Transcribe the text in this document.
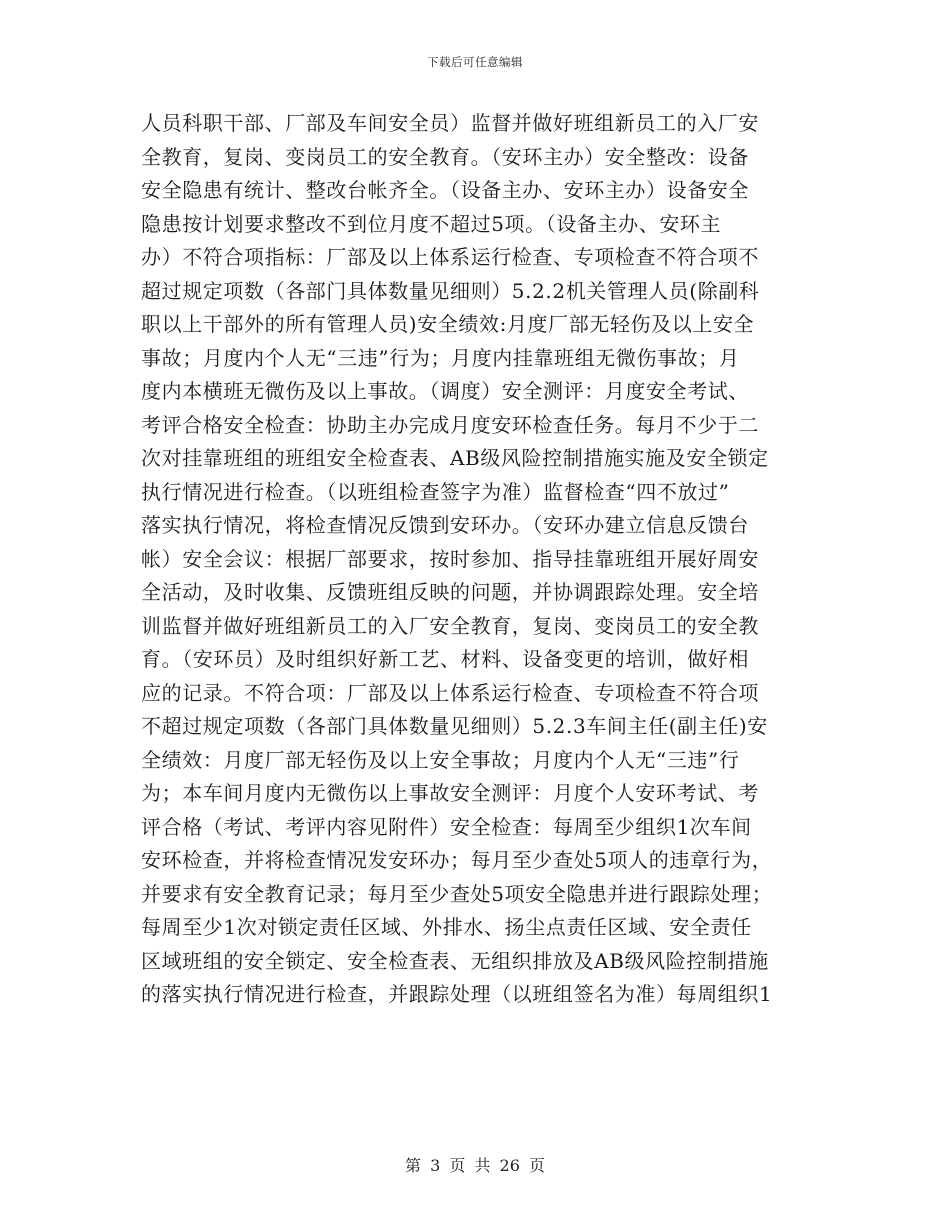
下载后可任意编辑
人员科职干部、厂部及车间安全员）监督并做好班组新员工的入厂安
全教育，复岗、变岗员工的安全教育。（安环主办）安全整改：设备
安全隐患有统计、整改台帐齐全。（设备主办、安环主办）设备安全
隐患按计划要求整改不到位月度不超过5项。（设备主办、安环主
办）不符合项指标：厂部及以上体系运行检查、专项检查不符合项不
超过规定项数（各部门具体数量见细则）5.2.2机关管理人员(除副科
职以上干部外的所有管理人员)安全绩效:月度厂部无轻伤及以上安全
事故；月度内个人无“三违”行为；月度内挂靠班组无微伤事故；月
度内本横班无微伤及以上事故。（调度）安全测评：月度安全考试、
考评合格安全检查：协助主办完成月度安环检查任务。每月不少于二
次对挂靠班组的班组安全检查表、AB级风险控制措施实施及安全锁定
执行情况进行检查。（以班组检查签字为准）监督检查“四不放过”
落实执行情况，将检查情况反馈到安环办。（安环办建立信息反馈台
帐）安全会议：根据厂部要求，按时参加、指导挂靠班组开展好周安
全活动，及时收集、反馈班组反映的问题，并协调跟踪处理。安全培
训监督并做好班组新员工的入厂安全教育，复岗、变岗员工的安全教
育。（安环员）及时组织好新工艺、材料、设备变更的培训，做好相
应的记录。不符合项：厂部及以上体系运行检查、专项检查不符合项
不超过规定项数（各部门具体数量见细则）5.2.3车间主任(副主任)安
全绩效：月度厂部无轻伤及以上安全事故；月度内个人无“三违”行
为；本车间月度内无微伤以上事故安全测评：月度个人安环考试、考
评合格（考试、考评内容见附件）安全检查：每周至少组织1次车间
安环检查，并将检查情况发安环办；每月至少查处5项人的违章行为，
并要求有安全教育记录；每月至少查处5项安全隐患并进行跟踪处理；
每周至少1次对锁定责任区域、外排水、扬尘点责任区域、安全责任
区域班组的安全锁定、安全检查表、无组织排放及AB级风险控制措施
的落实执行情况进行检查，并跟踪处理（以班组签名为准）每周组织1
第 3 页 共 26 页
